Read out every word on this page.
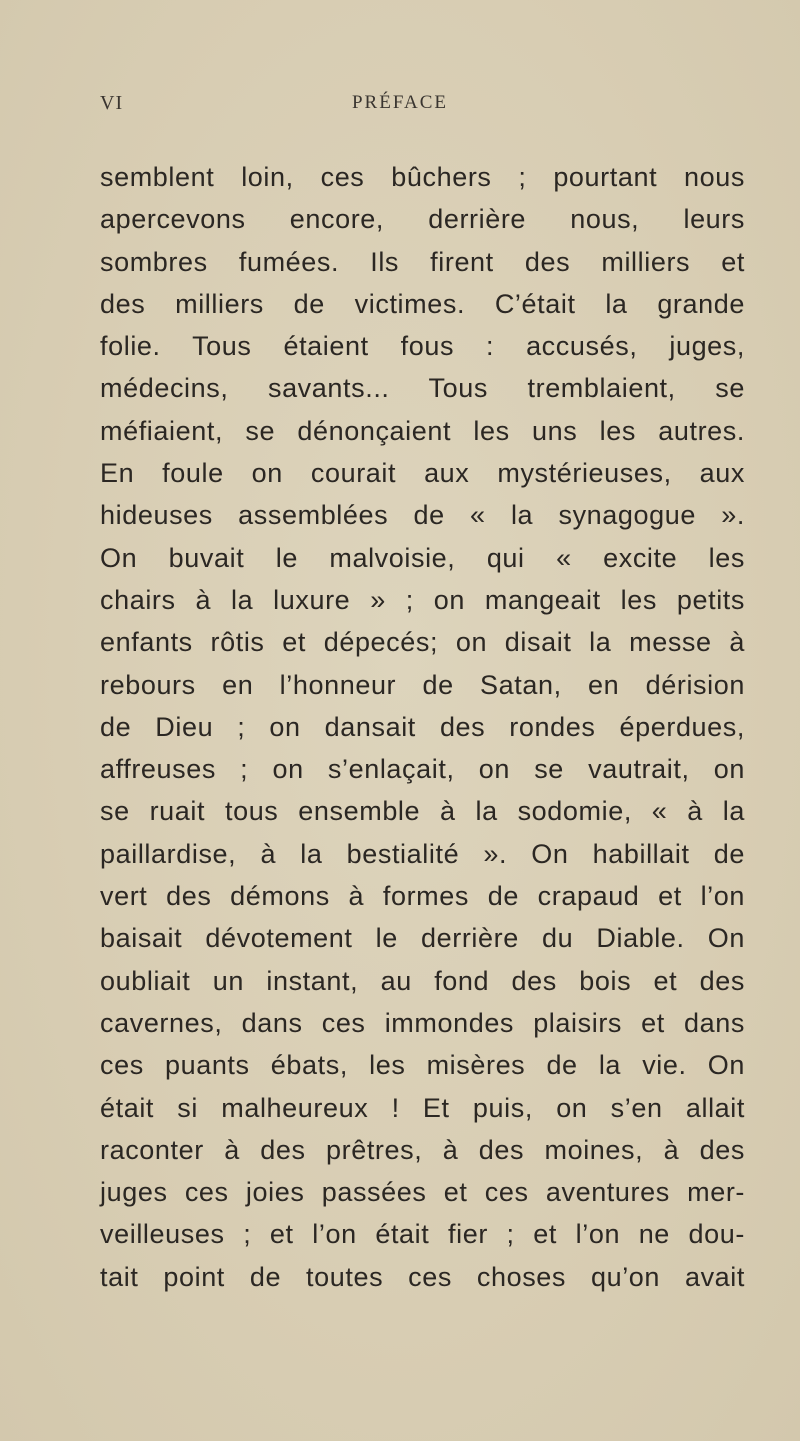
VI	PRÉFACE
semblent loin, ces bûchers ; pourtant nous
apercevons encore, derrière nous, leurs
sombres fumées. Ils firent des milliers et
des milliers de victimes. C’était la grande
folie. Tous étaient fous : accusés, juges,
médecins, savants... Tous tremblaient, se
méfiaient, se dénonçaient les uns les autres.
En foule on courait aux mystérieuses, aux
hideuses assemblées de « la synagogue ».
On buvait le malvoisie, qui « excite les
chairs à la luxure » ; on mangeait les petits
enfants rôtis et dépecés; on disait la messe à
rebours en l’honneur de Satan, en dérision
de Dieu ; on dansait des rondes éperdues,
affreuses ; on s’enlaçait, on se vautrait, on
se ruait tous ensemble à la sodomie, « à la
paillardise, à la bestialité ». On habillait de
vert des démons à formes de crapaud et l’on
baisait dévotement le derrière du Diable. On
oubliait un instant, au fond des bois et des
cavernes, dans ces immondes plaisirs et dans
ces puants ébats, les misères de la vie. On
était si malheureux ! Et puis, on s’en allait
raconter à des prêtres, à des moines, à des
juges ces joies passées et ces aventures mer-
veilleuses ; et l’on était fier ; et l’on ne dou-
tait point de toutes ces choses qu’on avait
